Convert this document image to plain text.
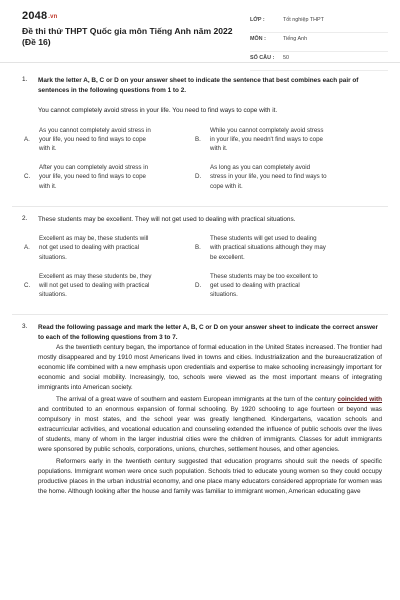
2048.vn
Đề thi thử THPT Quốc gia môn Tiếng Anh năm 2022 (Đề 16)
LỚP :	Tốt nghiệp THPT
MÔN :	Tiếng Anh
SỐ CÂU : 50
1. Mark the letter A, B, C or D on your answer sheet to indicate the sentence that best combines each pair of sentences in the following questions from 1 to 2.
You cannot completely avoid stress in your life. You need to find ways to cope with it.
A.
As you cannot completely avoid stress in
your life, you need to find ways to cope
with it.
B.
While you cannot completely avoid stress
in your life, you needn't find ways to cope
with it.
C.
After you can completely avoid stress in
your life, you need to find ways to cope
with it.
D.
As long as you can completely avoid
stress in your life, you need to find ways to
cope with it.
2. These students may be excellent. They will not get used to dealing with practical situations.
A.
Excellent as may be, these students will
not get used to dealing with practical
situations.
B.
These students will get used to dealing
with practical situations although they may
be excellent.
C.
Excellent as may these students be, they
will not get used to dealing with practical
situations.
D.
These students may be too excellent to
get used to dealing with practical
situations.
3. Read the following passage and mark the letter A, B, C or D on your answer sheet to indicate the correct answer to each of the following questions from 3 to 7.

As the twentieth century began, the importance of formal education in the United States increased. The frontier had mostly disappeared and by 1910 most Americans lived in towns and cities. Industrialization and the bureaucratization of economic life combined with a new emphasis upon credentials and expertise to make schooling increasingly important for economic and social mobility. Increasingly, too, schools were viewed as the most important means of integrating immigrants into American society.

The arrival of a great wave of southern and eastern European immigrants at the turn of the century coincided with and contributed to an enormous expansion of formal schooling. By 1920 schooling to age fourteen or beyond was compulsory in most states, and the school year was greatly lengthened. Kindergartens, vacation schools and extracurricular activities, and vocational education and counseling extended the influence of public schools over the lives of students, many of whom in the larger industrial cities were the children of immigrants. Classes for adult immigrants were sponsored by public schools, corporations, unions, churches, settlement houses, and other agencies.

Reformers early in the twentieth century suggested that education programs should suit the needs of specific populations. Immigrant women were once such population. Schools tried to educate young women so they could occupy productive places in the urban industrial economy, and one place many educators considered appropriate for women was the home. Although looking after the house and family was familiar to immigrant women, American educating gave
